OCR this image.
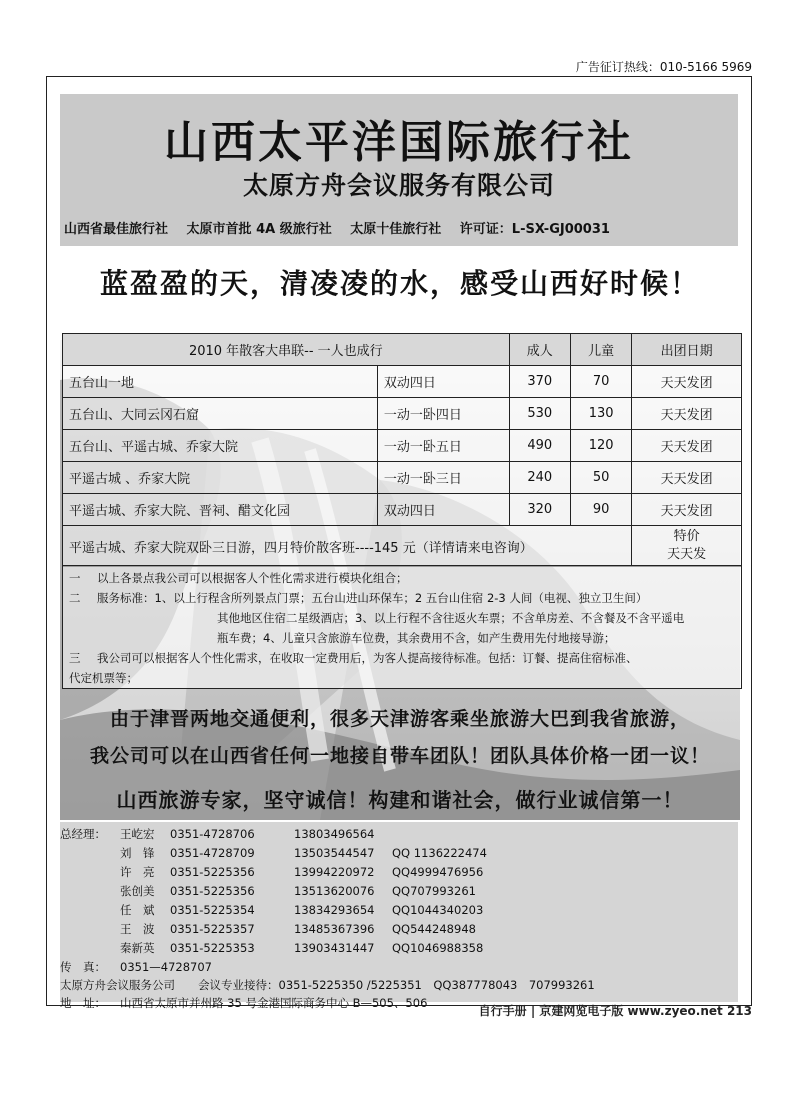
广告征订热线：010-5166 5969
山西太平洋国际旅行社
太原方舟会议服务有限公司
山西省最佳旅行社 太原市首批 4A 级旅行社 太原十佳旅行社 许可证：L-SX-GJ00031
蓝盈盈的天，清凌凌的水，感受山西好时候！
2010 年散客大串联-- 一人也成行		成人	儿童	出团日期
五台山一地	双动四日	370	70	天天发团
五台山、大同云冈石窟	一动一卧四日	530	130	天天发团
五台山、平遥古城、乔家大院	一动一卧五日	490	120	天天发团
平遥古城 、乔家大院	一动一卧三日	240	50	天天发团
平遥古城、乔家大院、晋祠、醋文化园	双动四日	320	90	天天发团
平遥古城、乔家大院双卧三日游，四月特价散客班----145 元（详情请来电咨询）				特价
天天发
一	以上各景点我公司可以根据客人个性化需求进行模块化组合；
二	服务标准：1、以上行程含所列景点门票；五台山进山环保车；2 五台山住宿 2-3 人间（电视、独立卫生间）
其他地区住宿二星级酒店；3、以上行程不含往返火车票；不含单房差、不含餐及不含平遥电
瓶车费；4、儿童只含旅游车位费，其余费用不含，如产生费用先付地接导游；
三	我公司可以根据客人个性化需求，在收取一定费用后，为客人提高接待标准。包括：订餐、提高住宿标准、
代定机票等；
由于津晋两地交通便利，很多天津游客乘坐旅游大巴到我省旅游，
我公司可以在山西省任何一地接自带车团队！团队具体价格一团一议！
山西旅游专家，坚守诚信！构建和谐社会，做行业诚信第一！
总经理： 王屹宏 0351-4728706	13803496564
刘　锋 0351-4728709	13503544547 QQ 1136222474
许　亮 0351-5225356	13994220972 QQ4999476956
张创美 0351-5225356	13513620076 QQ707993261
任　斌 0351-5225354	13834293654 QQ1044340203
王　波 0351-5225357	13485367396 QQ544248948
秦新英 0351-5225353	13903431447 QQ1046988358
传　真： 0351—4728707
太原方舟会议服务公司　　会议专业接待：0351-5225350 /5225351　QQ387778043　707993261
地　址： 山西省太原市并州路 35 号金港国际商务中心 B—505、506
自行手册 | 京建网览电子版 www.zyeo.net 213
